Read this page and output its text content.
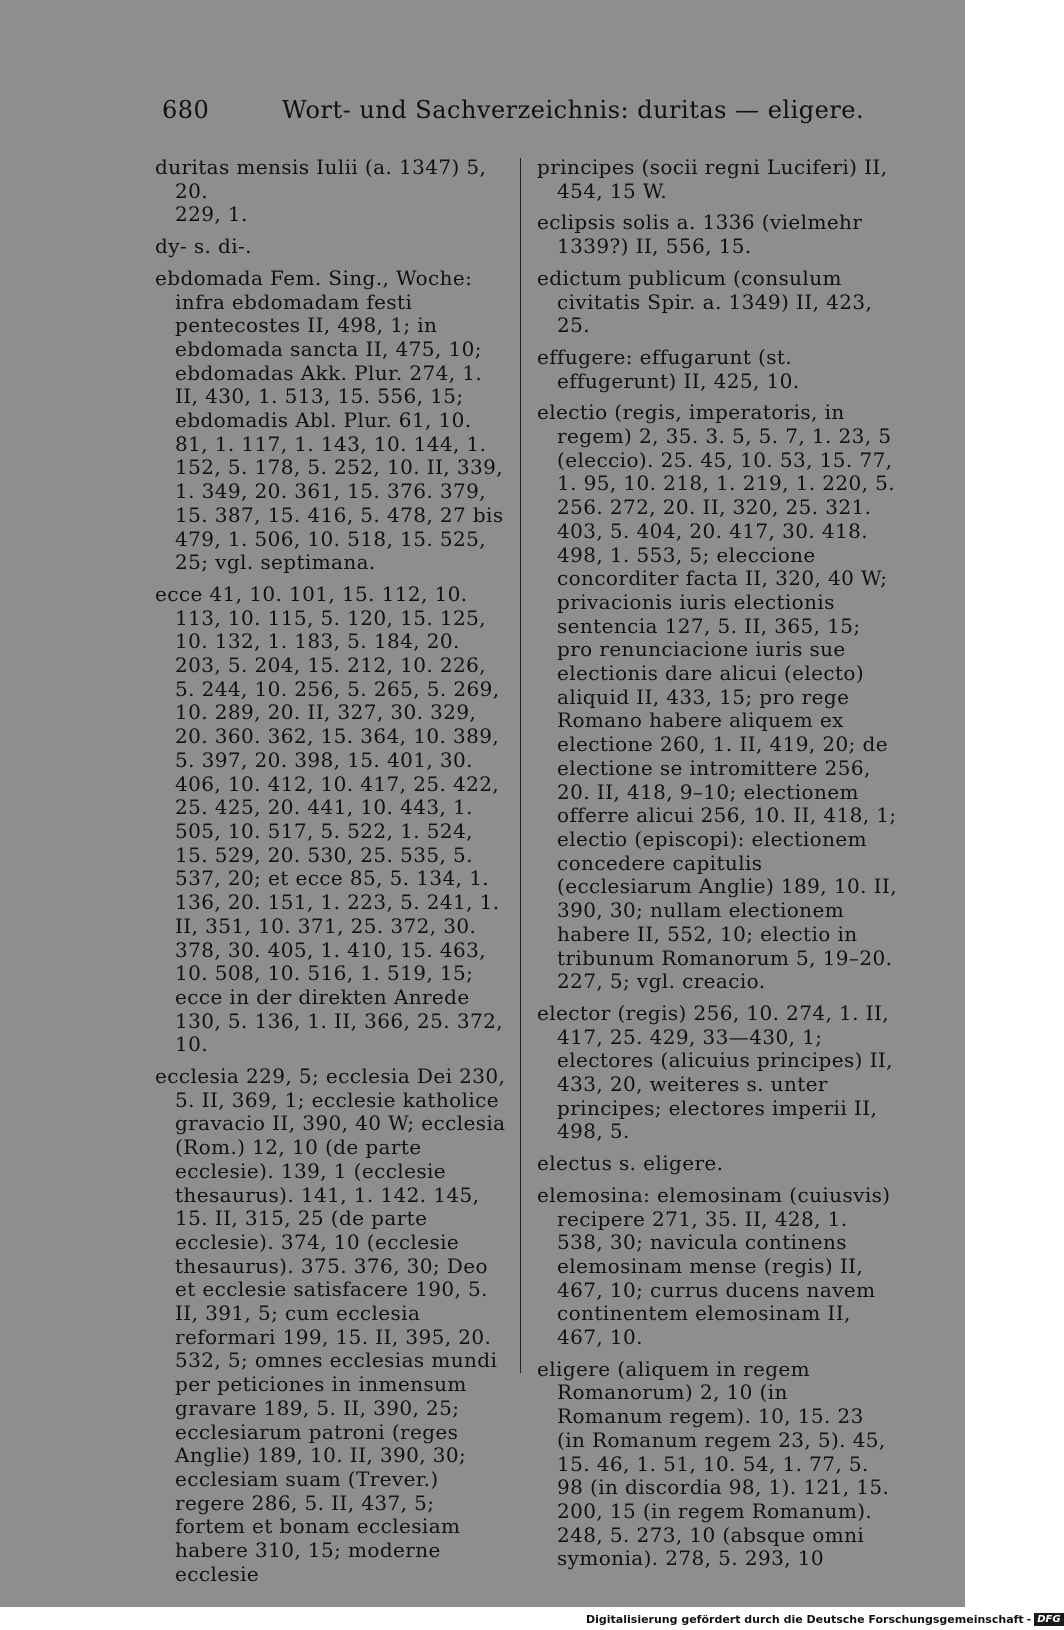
680	Wort- und Sachverzeichnis: duritas — eligere.

duritas mensis Iulii (a. 1347) 5, 20.
229, 1.

dy- s. di-.

ebdomada Fem. Sing., Woche: infra ebdomadam festi pentecostes II, 498, 1; in ebdomada sancta II, 475, 10; ebdomadas Akk. Plur. 274, 1. II, 430, 1. 513, 15. 556, 15; ebdomadis Abl. Plur. 61, 10. 81, 1. 117, 1. 143, 10. 144, 1. 152, 5. 178, 5. 252, 10. II, 339, 1. 349, 20. 361, 15. 376. 379, 15. 387, 15. 416, 5. 478, 27 bis 479, 1. 506, 10. 518, 15. 525, 25; vgl. septimana.

ecce 41, 10. 101, 15. 112, 10. 113, 10. 115, 5. 120, 15. 125, 10. 132, 1. 183, 5. 184, 20. 203, 5. 204, 15. 212, 10. 226, 5. 244, 10. 256, 5. 265, 5. 269, 10. 289, 20. II, 327, 30. 329, 20. 360. 362, 15. 364, 10. 389, 5. 397, 20. 398, 15. 401, 30. 406, 10. 412, 10. 417, 25. 422, 25. 425, 20. 441, 10. 443, 1. 505, 10. 517, 5. 522, 1. 524, 15. 529, 20. 530, 25. 535, 5. 537, 20; et ecce 85, 5. 134, 1. 136, 20. 151, 1. 223, 5. 241, 1. II, 351, 10. 371, 25. 372, 30. 378, 30. 405, 1. 410, 15. 463, 10. 508, 10. 516, 1. 519, 15; ecce in der direkten Anrede 130, 5. 136, 1. II, 366, 25. 372, 10.

ecclesia 229, 5; ecclesia Dei 230, 5. II, 369, 1; ecclesie katholice gravacio II, 390, 40 W; ecclesia (Rom.) 12, 10 (de parte ecclesie). 139, 1 (ecclesie thesaurus). 141, 1. 142. 145, 15. II, 315, 25 (de parte ecclesie). 374, 10 (ecclesie thesaurus). 375. 376, 30; Deo et ecclesie satisfacere 190, 5. II, 391, 5; cum ecclesia reformari 199, 15. II, 395, 20. 532, 5; omnes ecclesias mundi per peticiones in inmensum gravare 189, 5. II, 390, 25; ecclesiarum patroni (reges Anglie) 189, 10. II, 390, 30; ecclesiam suam (Trever.) regere 286, 5. II, 437, 5; fortem et bonam ecclesiam habere 310, 15; moderne ecclesie

principes (socii regni Luciferi) II, 454, 15 W.

eclipsis solis a. 1336 (vielmehr 1339?) II, 556, 15.

edictum publicum (consulum civitatis Spir. a. 1349) II, 423, 25.

effugere: effugarunt (st. effugerunt) II, 425, 10.

electio (regis, imperatoris, in regem) 2, 35. 3. 5, 5. 7, 1. 23, 5 (eleccio). 25. 45, 10. 53, 15. 77, 1. 95, 10. 218, 1. 219, 1. 220, 5. 256. 272, 20. II, 320, 25. 321. 403, 5. 404, 20. 417, 30. 418. 498, 1. 553, 5; eleccione concorditer facta II, 320, 40 W; privacionis iuris electionis sentencia 127, 5. II, 365, 15; pro renunciacione iuris sue electionis dare alicui (electo) aliquid II, 433, 15; pro rege Romano habere aliquem ex electione 260, 1. II, 419, 20; de electione se intromittere 256, 20. II, 418, 9–10; electionem offerre alicui 256, 10. II, 418, 1; electio (episcopi): electionem concedere capitulis (ecclesiarum Anglie) 189, 10. II, 390, 30; nullam electionem habere II, 552, 10; electio in tribunum Romanorum 5, 19–20. 227, 5; vgl. creacio.

elector (regis) 256, 10. 274, 1. II, 417, 25. 429, 33—430, 1; electores (alicuius principes) II, 433, 20, weiteres s. unter principes; electores imperii II, 498, 5.

electus s. eligere.

elemosina: elemosinam (cuiusvis) recipere 271, 35. II, 428, 1. 538, 30; navicula continens elemosinam mense (regis) II, 467, 10; currus ducens navem continentem elemosinam II, 467, 10.

eligere (aliquem in regem Romanorum) 2, 10 (in Romanum regem). 10, 15. 23 (in Romanum regem 23, 5). 45, 15. 46, 1. 51, 10. 54, 1. 77, 5. 98 (in discordia 98, 1). 121, 15. 200, 15 (in regem Romanum). 248, 5. 273, 10 (absque omni symonia). 278, 5. 293, 10

Digitalisierung gefördert durch die Deutsche Forschungsgemeinschaft - DFG
